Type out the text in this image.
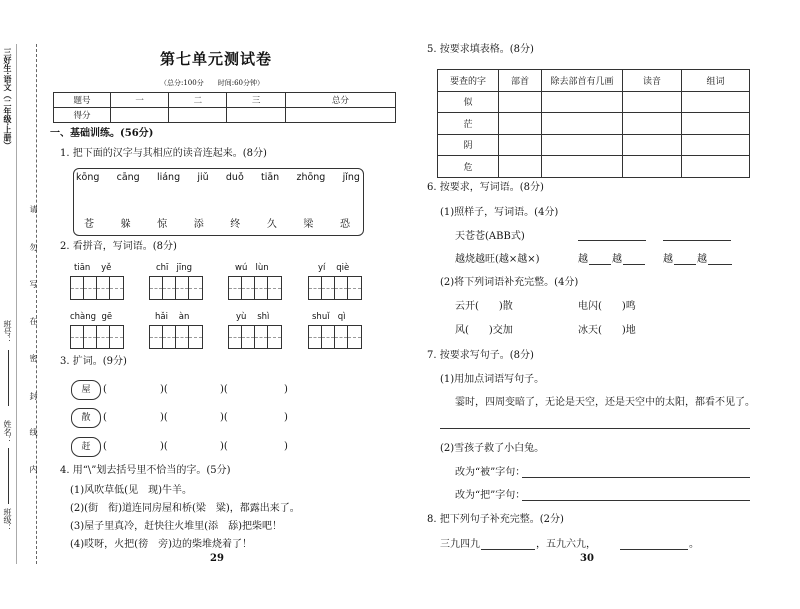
三好生·语文（二年级·上册）
班号：
姓名：
班级：
请
勿
写
在
密
封
线
内
第七单元测试卷
（总分:100分　　时间:60分钟）
题号	一	二	三	总分
得分				
一、基础训练。(56分)
1. 把下面的汉字与其相应的读音连起来。(8分)
kōng cāng liáng jiǔ duǒ tiān zhōng jǐng
苍	躲	惊	添	终	久	梁	恐
2. 看拼音，写词语。(8分)
tiān yě	chī jīng	wú lùn	yí qiè
chàng gē	hǎi àn	yù shì	shuǐ qì
3. 扩词。(9分)
屋
散
赶
(	)(	)(	)
(	)(	)(	)
(	)(	)(	)
4. 用“\”划去括号里不恰当的字。(5分)
(1)风吹草低(见　现)牛羊。
(2)(街　衔)道连同房屋和桥(梁　粱)，都露出来了。
(3)屋子里真冷，赶快往火堆里(添　舔)把柴吧！
(4)哎呀，火把(徬　旁)边的柴堆烧着了！
29
5. 按要求填表格。(8分)
要查的字	部首	除去部首有几画	读音	组词
似				
茫				
阴				
危				
6. 按要求，写词语。(8分)
(1)照样子，写词语。(4分)
天苍苍(ABB式)
越烧越旺(越×越×)	越 越	越 越
(2)将下列词语补充完整。(4分)
云开(　　)散	电闪(　　)鸣
风(　　)交加	冰天(　　)地
7. 按要求写句子。(8分)
(1)用加点词语写句子。
霎时，四周变暗了，无论是天空，还是天空中的太阳，都看不见了。
(2)雪孩子救了小白兔。
改为“被”字句：
改为“把”字句：
8. 把下列句子补充完整。(2分)
三九四九	，五九六九，	。
30
